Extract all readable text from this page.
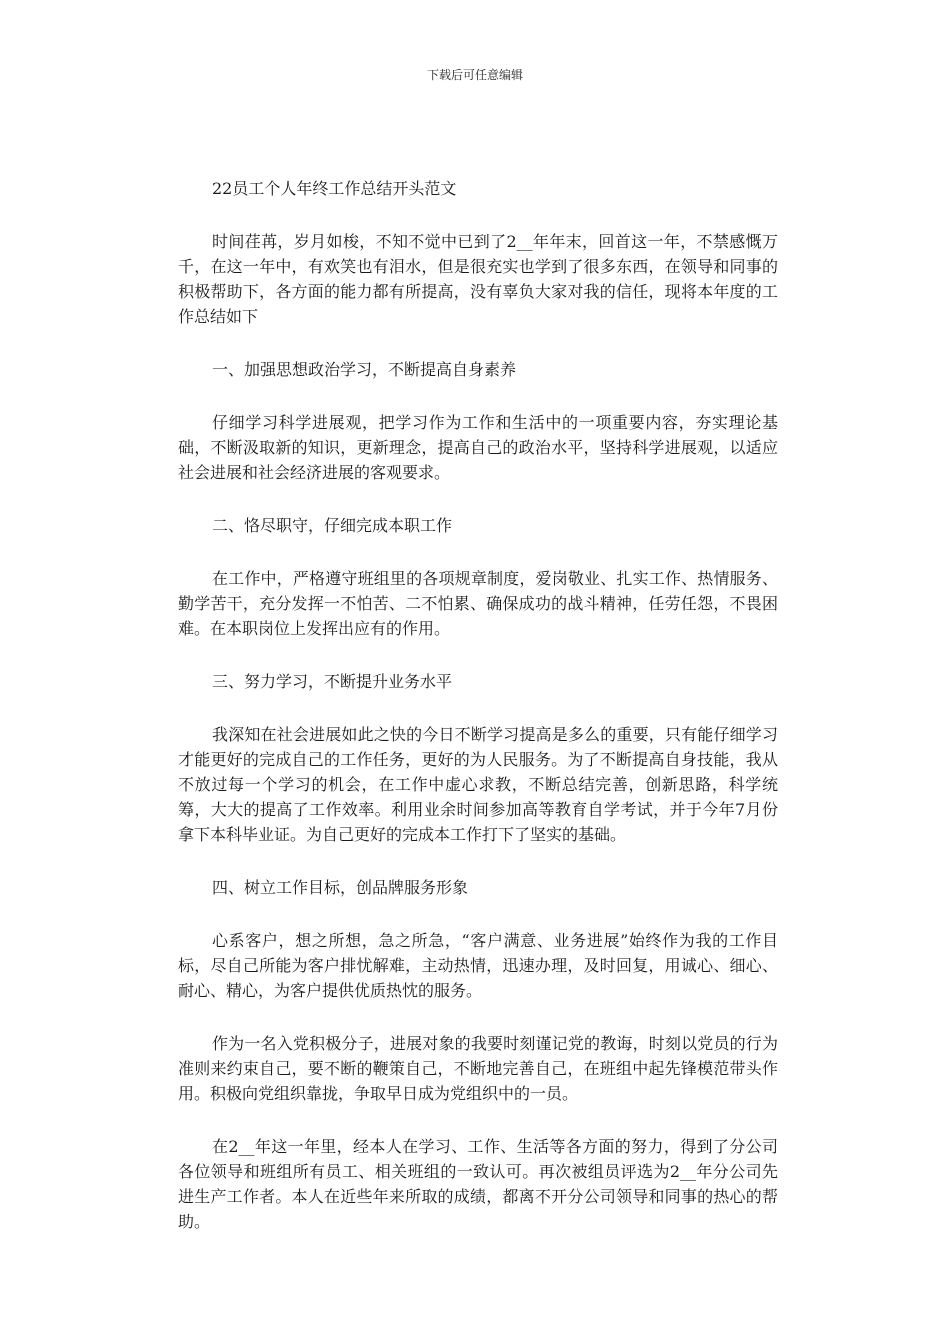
下载后可任意编辑
22员工个人年终工作总结开头范文

时间荏苒，岁月如梭，不知不觉中已到了2__年年末，回首这一年，不禁感慨万千，在这一年中，有欢笑也有泪水，但是很充实也学到了很多东西，在领导和同事的积极帮助下，各方面的能力都有所提高，没有辜负大家对我的信任，现将本年度的工作总结如下

一、加强思想政治学习，不断提高自身素养

仔细学习科学进展观，把学习作为工作和生活中的一项重要内容，夯实理论基础，不断汲取新的知识，更新理念，提高自己的政治水平，坚持科学进展观，以适应社会进展和社会经济进展的客观要求。

二、恪尽职守，仔细完成本职工作

在工作中，严格遵守班组里的各项规章制度，爱岗敬业、扎实工作、热情服务、勤学苦干，充分发挥一不怕苦、二不怕累、确保成功的战斗精神，任劳任怨，不畏困难。在本职岗位上发挥出应有的作用。

三、努力学习，不断提升业务水平

我深知在社会进展如此之快的今日不断学习提高是多么的重要，只有能仔细学习才能更好的完成自己的工作任务，更好的为人民服务。为了不断提高自身技能，我从不放过每一个学习的机会，在工作中虚心求教，不断总结完善，创新思路，科学统筹，大大的提高了工作效率。利用业余时间参加高等教育自学考试，并于今年7月份拿下本科毕业证。为自己更好的完成本工作打下了坚实的基础。

四、树立工作目标，创品牌服务形象

心系客户，想之所想，急之所急，“客户满意、业务进展”始终作为我的工作目标，尽自己所能为客户排忧解难，主动热情，迅速办理，及时回复，用诚心、细心、耐心、精心，为客户提供优质热忱的服务。

作为一名入党积极分子，进展对象的我要时刻谨记党的教诲，时刻以党员的行为准则来约束自己，要不断的鞭策自己，不断地完善自己，在班组中起先锋模范带头作用。积极向党组织靠拢，争取早日成为党组织中的一员。

在2__年这一年里，经本人在学习、工作、生活等各方面的努力，得到了分公司各位领导和班组所有员工、相关班组的一致认可。再次被组员评选为2__年分公司先进生产工作者。本人在近些年来所取的成绩，都离不开分公司领导和同事的热心的帮助。
